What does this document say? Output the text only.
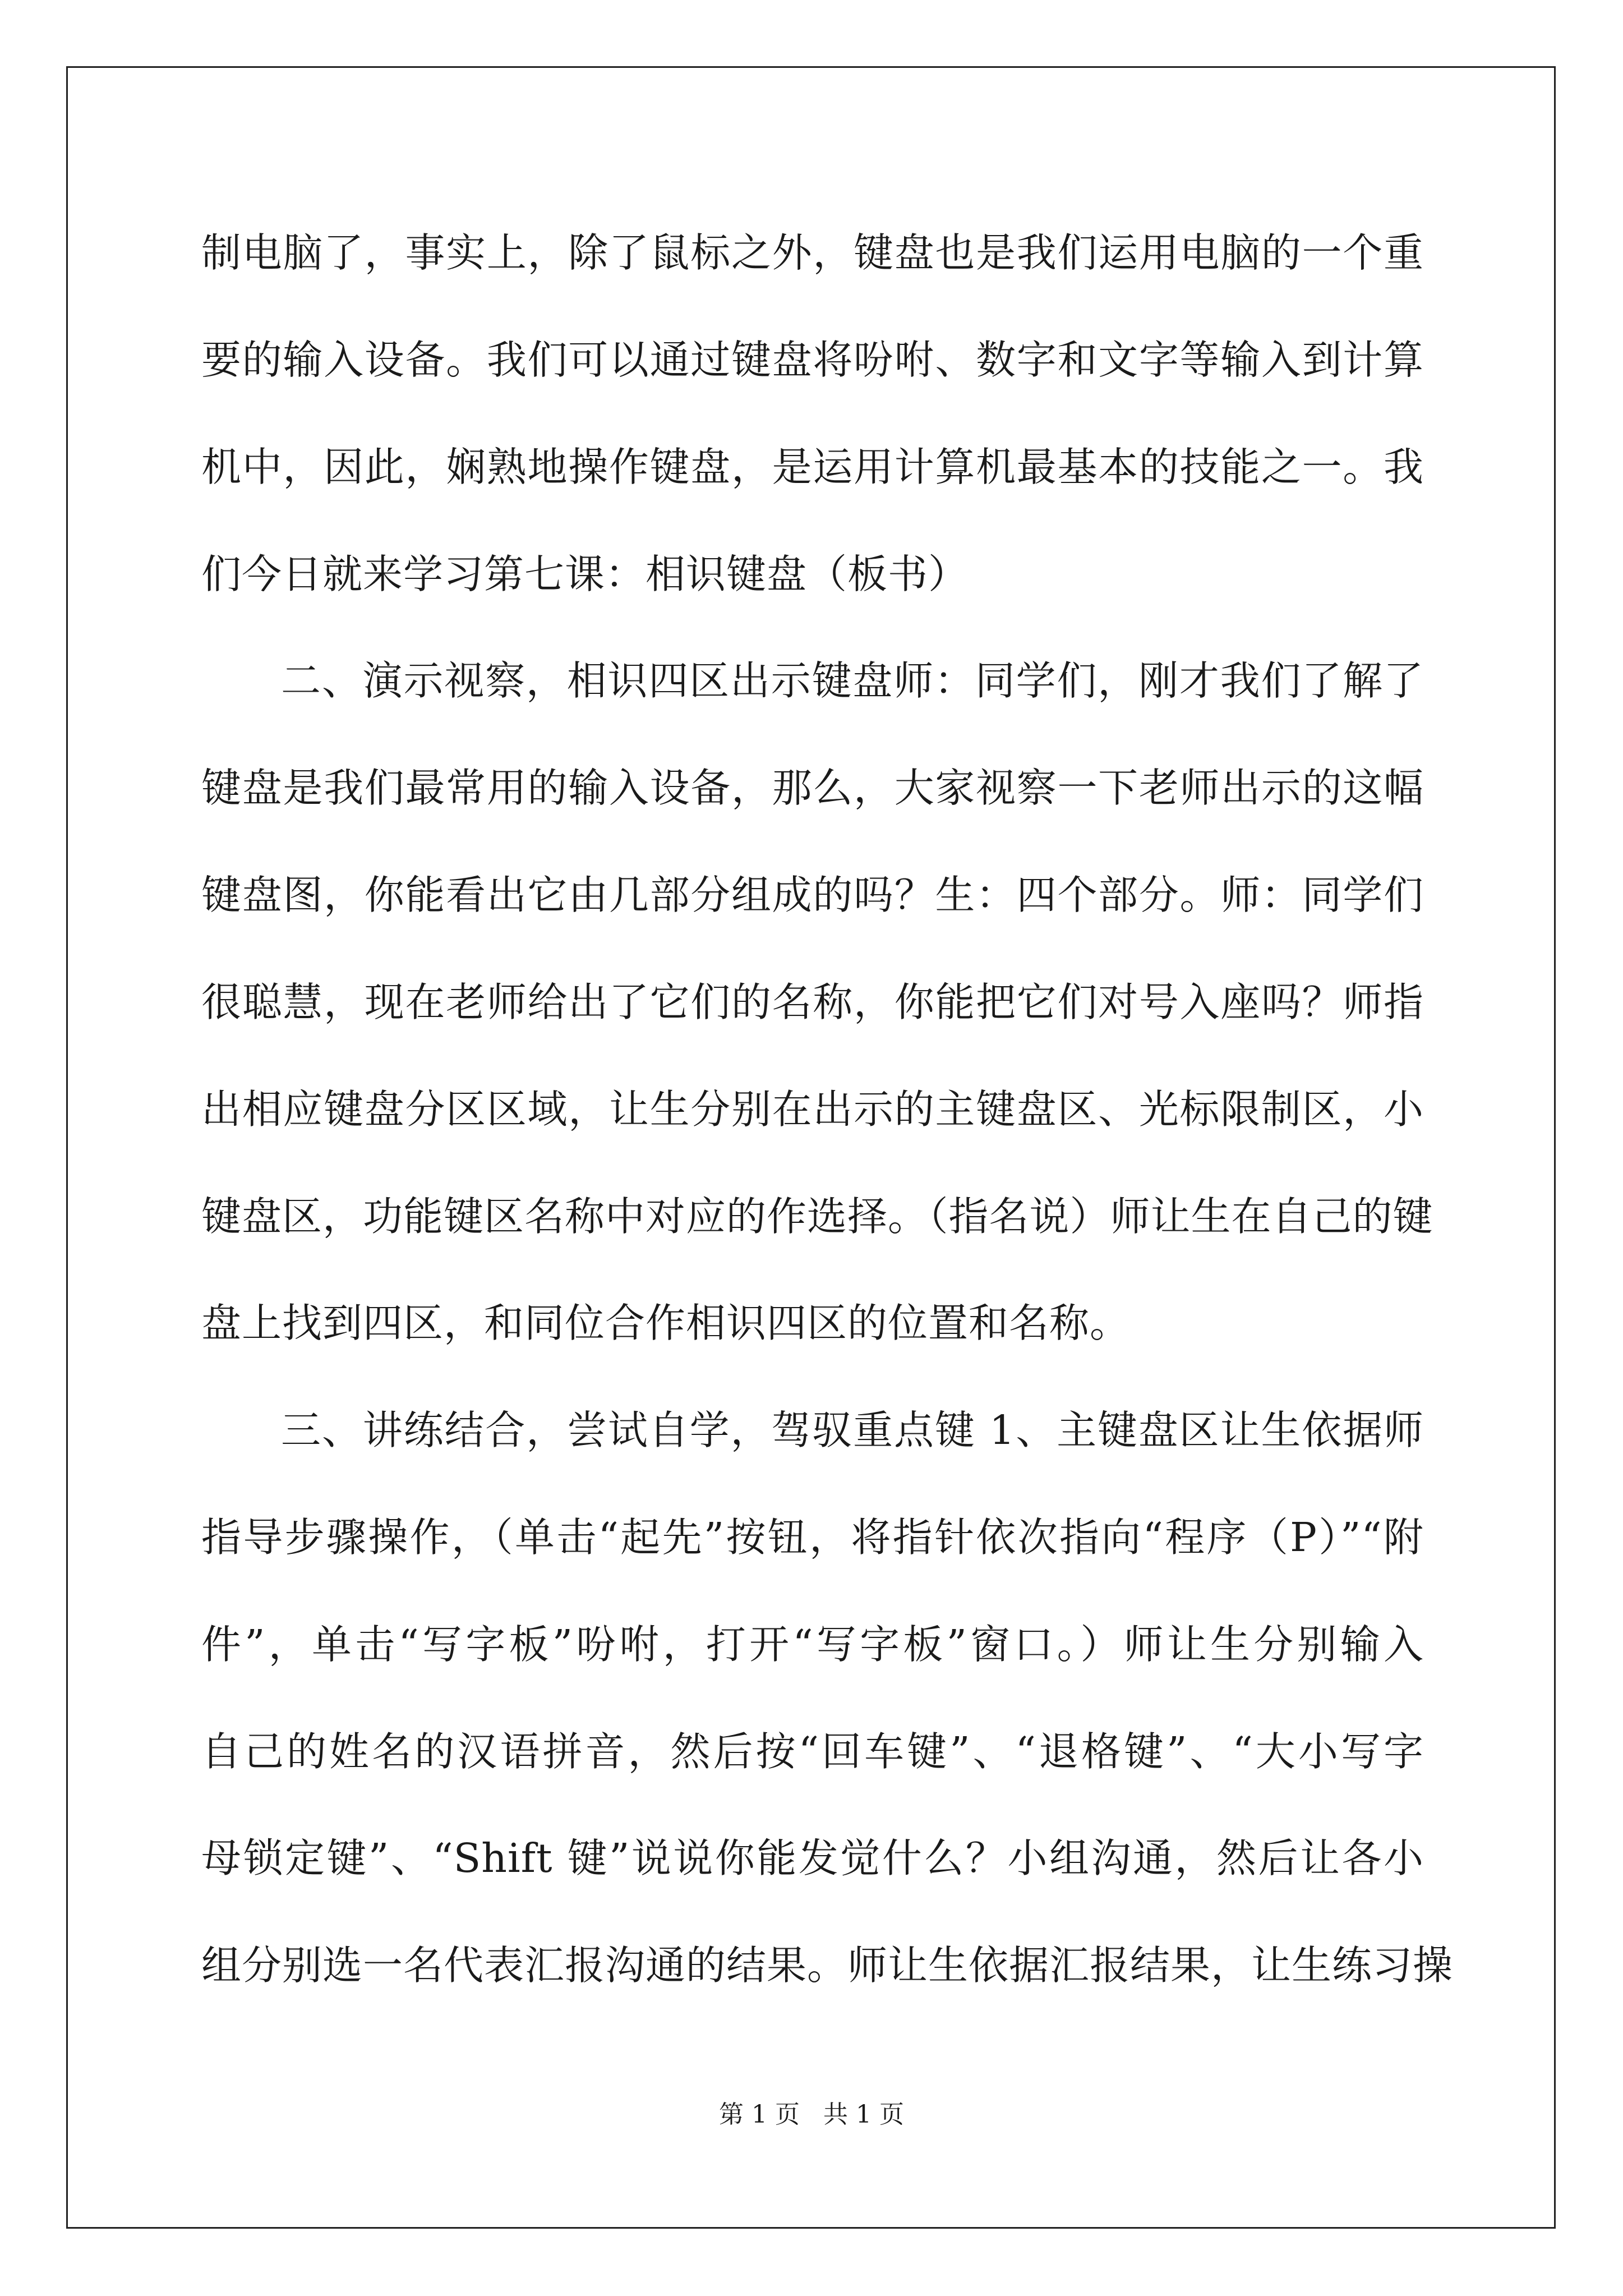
制电脑了，事实上，除了鼠标之外，键盘也是我们运用电脑的一个重
要的输入设备。我们可以通过键盘将吩咐、数字和文字等输入到计算
机中，因此，娴熟地操作键盘，是运用计算机最基本的技能之一。我
们今日就来学习第七课：相识键盘（板书）
二、演示视察，相识四区出示键盘师：同学们，刚才我们了解了
键盘是我们最常用的输入设备，那么，大家视察一下老师出示的这幅
键盘图，你能看出它由几部分组成的吗？生：四个部分。师：同学们
很聪慧，现在老师给出了它们的名称，你能把它们对号入座吗？师指
出相应键盘分区区域，让生分别在出示的主键盘区、光标限制区，小
键盘区，功能键区名称中对应的作选择。（指名说）师让生在自己的键
盘上找到四区，和同位合作相识四区的位置和名称。
三、讲练结合，尝试自学，驾驭重点键 1、主键盘区让生依据师
指导步骤操作，（单击“起先”按钮，将指针依次指向“程序（P）”“附
件”，单击“写字板”吩咐，打开“写字板”窗口。）师让生分别输入
自己的姓名的汉语拼音，然后按“回车键”、“退格键”、“大小写字
母锁定键”、“Shift 键”说说你能发觉什么？小组沟通，然后让各小
组分别选一名代表汇报沟通的结果。师让生依据汇报结果，让生练习操
第 1 页   共 1 页
